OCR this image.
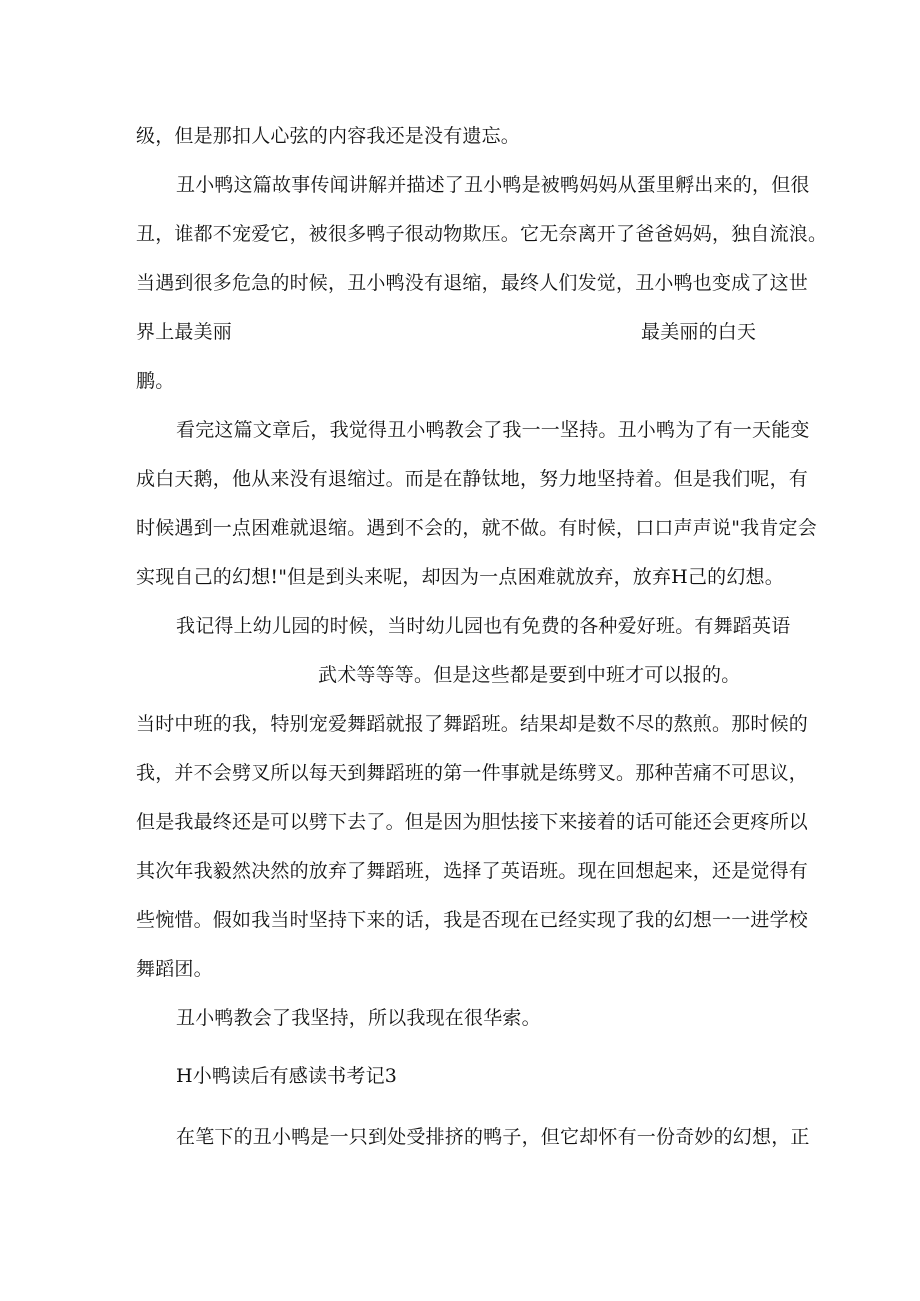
级，但是那扣人心弦的内容我还是没有遗忘。
丑小鸭这篇故事传闻讲解并描述了丑小鸭是被鸭妈妈从蛋里孵出来的，但很
丑，谁都不宠爱它，被很多鸭子很动物欺压。它无奈离开了爸爸妈妈，独自流浪。
当遇到很多危急的时候，丑小鸭没有退缩，最终人们发觉，丑小鸭也变成了这世
界上最美丽	最美丽的白天
鹏。
看完这篇文章后，我觉得丑小鸭教会了我一一坚持。丑小鸭为了有一天能变
成白天鹅，他从来没有退缩过。而是在静钛地，努力地坚持着。但是我们呢，有
时候遇到一点困难就退缩。遇到不会的，就不做。有时候，口口声声说"我肯定会
实现自己的幻想!"但是到头来呢，却因为一点困难就放弃，放弃H己的幻想。
我记得上幼儿园的时候，当时幼儿园也有免费的各种爱好班。有舞蹈英语
武术等等等。但是这些都是要到中班才可以报的。
当时中班的我，特别宠爱舞蹈就报了舞蹈班。结果却是数不尽的熬煎。那时候的
我，并不会劈叉所以每天到舞蹈班的第一件事就是练劈叉。那种苦痛不可思议，
但是我最终还是可以劈下去了。但是因为胆怯接下来接着的话可能还会更疼所以
其次年我毅然决然的放弃了舞蹈班，选择了英语班。现在回想起来，还是觉得有
些惋惜。假如我当时坚持下来的话，我是否现在已经实现了我的幻想一一进学校
舞蹈团。
丑小鸭教会了我坚持，所以我现在很华索。
H小鸭读后有感读书考记3
在笔下的丑小鸭是一只到处受排挤的鸭子，但它却怀有一份奇妙的幻想，正
